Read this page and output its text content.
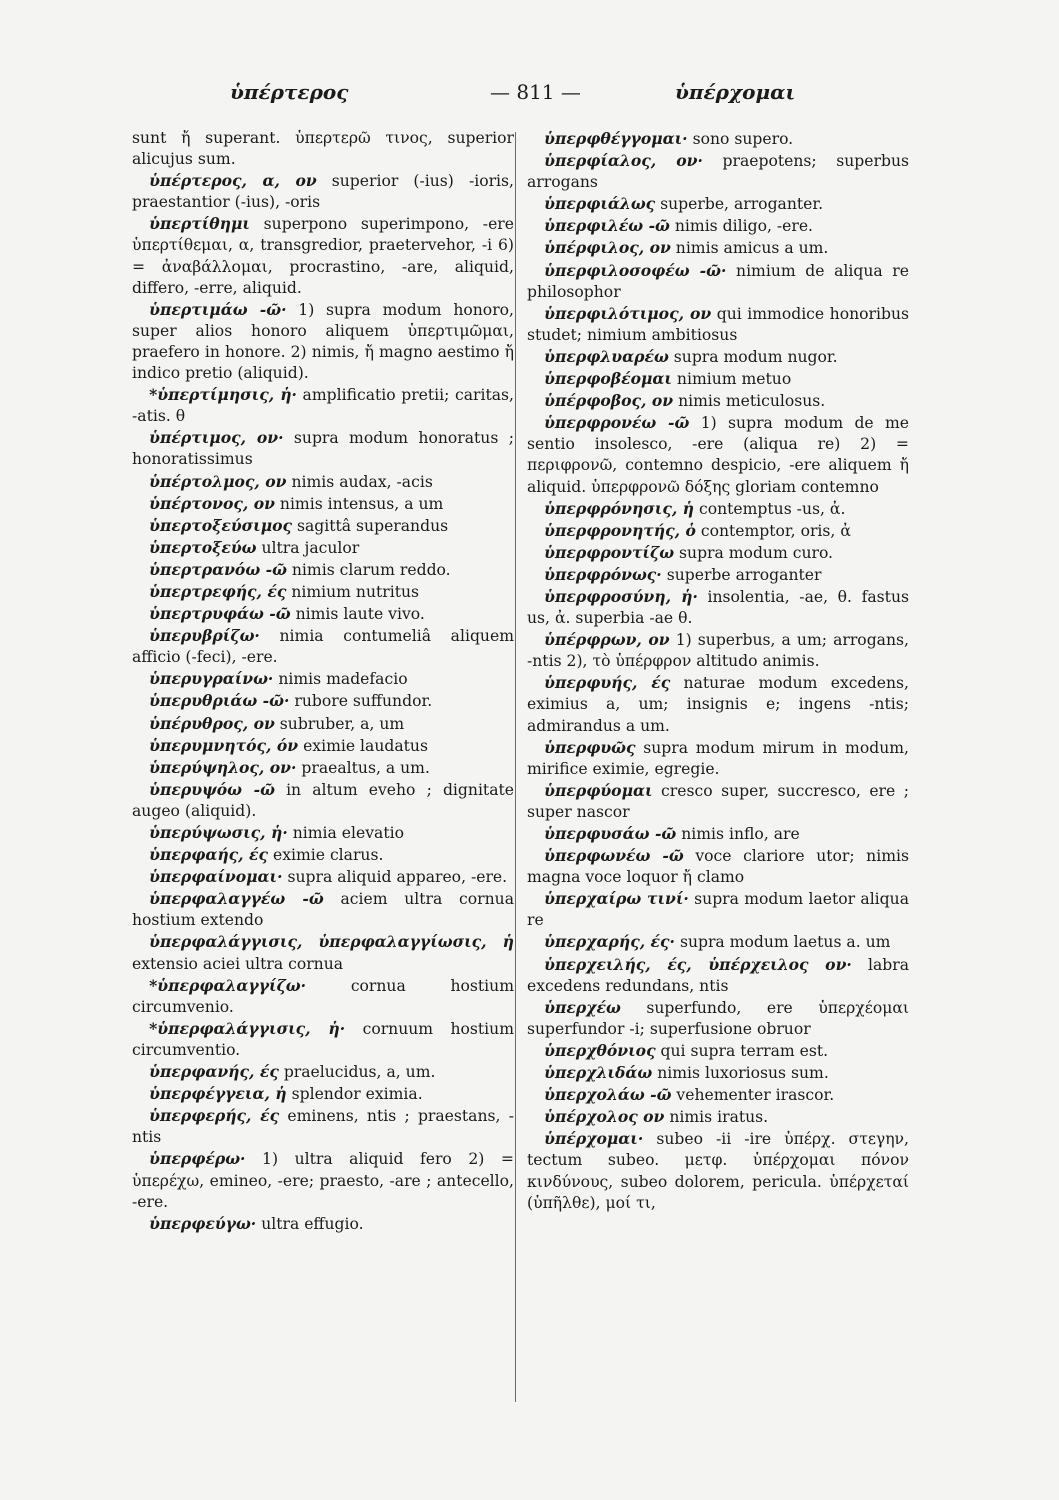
ὑπέρτερος	— 811 —	ὑπέρχομαι

sunt ἤ superant. ὑπερτερῶ τινος, superior alicujus sum.

ὑπέρτερος, α, ον superior (-ius) -ioris, praestantior (-ius), -oris

ὑπερτίθημι superpono superimpono, -ere ὑπερτίθεμαι, α, transgredior, praetervehor, -i 6) = ἀναβάλλομαι, procrastino, -are, aliquid, differo, -erre, aliquid.

ὑπερτιμάω -ῶ· 1) supra modum honoro, super alios honoro aliquem ὑπερτιμῶμαι, praefero in honore. 2) nimis, ἤ magno aestimo ἤ indico pretio (aliquid).

*ὑπερτίμησις, ἡ· amplificatio pretii; caritas, -atis. θ

ὑπέρτιμος, ον· supra modum honoratus ; honoratissimus

ὑπέρτολμος, ον nimis audax, -acis

ὑπέρτονος, ον nimis intensus, a um

ὑπερτοξεύσιμος sagittâ superandus

ὑπερτοξεύω ultra jaculor

ὑπερτρανόω -ῶ nimis clarum reddo.

ὑπερτρεφής, ές nimium nutritus

ὑπερτρυφάω -ῶ nimis laute vivo.

ὑπερυβρίζω· nimia contumeliâ aliquem afficio (-feci), -ere.

ὑπερυγραίνω· nimis madefacio

ὑπερυθριάω -ῶ· rubore suffundor.

ὑπέρυθρος, ον subruber, a, um

ὑπερυμνητός, όν eximie laudatus

ὑπερύψηλος, ον· praealtus, a um.

ὑπερυψόω -ῶ in altum eveho ; dignitate augeo (aliquid).

ὑπερύψωσις, ἡ· nimia elevatio

ὑπερφαής, ές eximie clarus.

ὑπερφαίνομαι· supra aliquid appareo, -ere.

ὑπερφαλαγγέω -ῶ aciem ultra cornua hostium extendo

ὑπερφαλάγγισις, ὑπερφαλαγγίωσις, ἡ extensio aciei ultra cornua

*ὑπερφαλαγγίζω·	cornua hostium circumvenio.

*ὑπερφαλάγγισις, ἡ· cornuum hostium circumventio.

ὑπερφανής, ές praelucidus, a, um.

ὑπερφέγγεια, ἡ splendor eximia.

ὑπερφερής, ές eminens, ntis ; praestans, -ntis

ὑπερφέρω· 1) ultra aliquid fero 2) = ὑπερέχω, emineo, -ere; praesto, -are ; antecello, -ere.

ὑπερφεύγω· ultra effugio.

ὑπερφθέγγομαι· sono supero.

ὑπερφίαλος, ον· praepotens; superbus arrogans

ὑπερφιάλως superbe, arroganter.

ὑπερφιλέω -ῶ nimis diligo, -ere.

ὑπέρφιλος, ον nimis amicus a um.

ὑπερφιλοσοφέω -ῶ· nimium de aliqua re philosophor

ὑπερφιλότιμος, ον qui immodice honoribus studet; nimium ambitiosus

ὑπερφλυαρέω supra modum nugor.

ὑπερφοβέομαι nimium metuo

ὑπέρφοβος, ον nimis meticulosus.

ὑπερφρονέω -ῶ 1) supra modum de me sentio insolesco, -ere (aliqua re) 2) = περιφρονῶ, contemno despicio, -ere aliquem ἤ aliquid. ὑπερφρονῶ δόξης gloriam contemno

ὑπερφρόνησις, ἡ contemptus -us, ἀ.

ὑπερφρονητής, ὁ contemptor, oris, ἀ

ὑπερφροντίζω supra modum curo.

ὑπερφρόνως· superbe arroganter

ὑπερφροσύνη, ἡ· insolentia, -ae, θ. fastus us, ἀ. superbia -ae θ.

ὑπέρφρων, ον 1) superbus, a um; arrogans, -ntis 2), τὸ ὑπέρφρον altitudo animis.

ὑπερφυής, ές naturae modum excedens, eximius a, um; insignis e; ingens -ntis; admirandus a um.

ὑπερφυῶς supra modum mirum in modum, mirifice eximie, egregie.

ὑπερφύομαι cresco super, succresco, ere ; super nascor

ὑπερφυσάω -ῶ nimis inflo, are

ὑπερφωνέω -ῶ voce clariore utor; nimis magna voce loquor ἤ clamo

ὑπερχαίρω τινί· supra modum laetor aliqua re

ὑπερχαρής, ές· supra modum laetus a. um

ὑπερχειλής, ές, ὑπέρχειλος ον· labra excedens redundans, ntis

ὑπερχέω superfundo, ere ὑπερχέομαι superfundor -i; superfusione obruor

ὑπερχθόνιος qui supra terram est.

ὑπερχλιδάω nimis luxoriosus sum.

ὑπερχολάω -ῶ vehementer irascor.

ὑπέρχολος ον nimis iratus.

ὑπέρχομαι· subeo -ii -ire ὑπέρχ. στεγην, tectum subeo. μετφ. ὑπέρχομαι πόνον κινδύνους, subeo dolorem, pericula. ὑπέρχεταί (ὑπῆλθε), μοί τι,
